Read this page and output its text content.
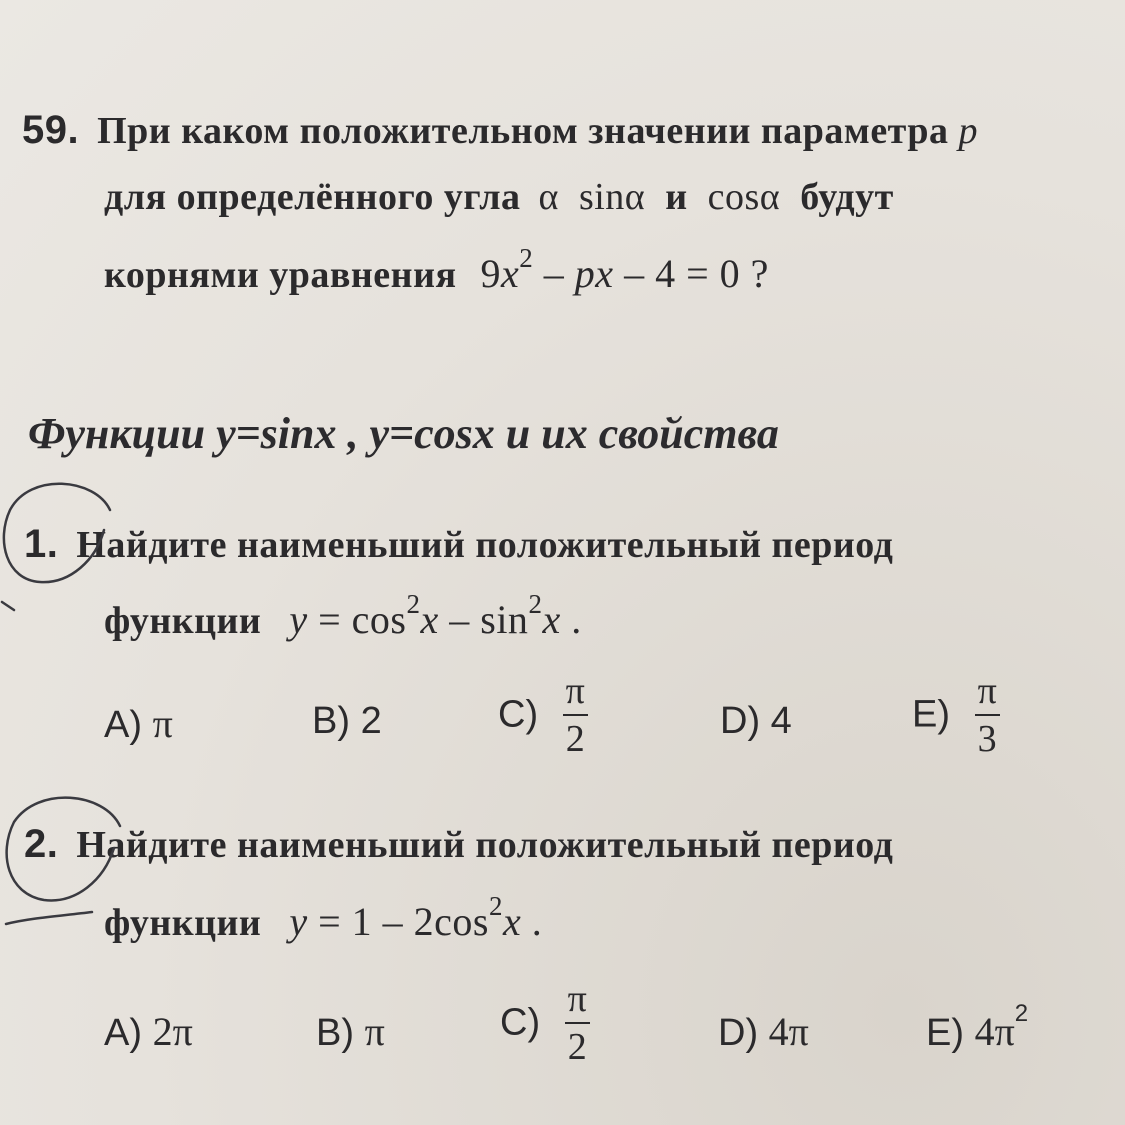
59. При каком положительном значении параметра p
для определённого угла α sinα и cosα будут
корнями уравнения $9x^2$ – px – 4 = 0 ?
Функции y=sinx , y=cosx и их свойства
1. Найдите наименьший положительный период
функции $y = \cos^2x - \sin^2x$ .
A) π	B) 2	$C) \frac{\pi}{2}$	D) 4	$E) \frac{\pi}{3}$
2. Найдите наименьший положительный период
функции $y = 1 - 2\cos^2x$ .
A) 2π	B) π	$C) \frac{\pi}{2}$	D) 4π	E) $4\pi^2$
